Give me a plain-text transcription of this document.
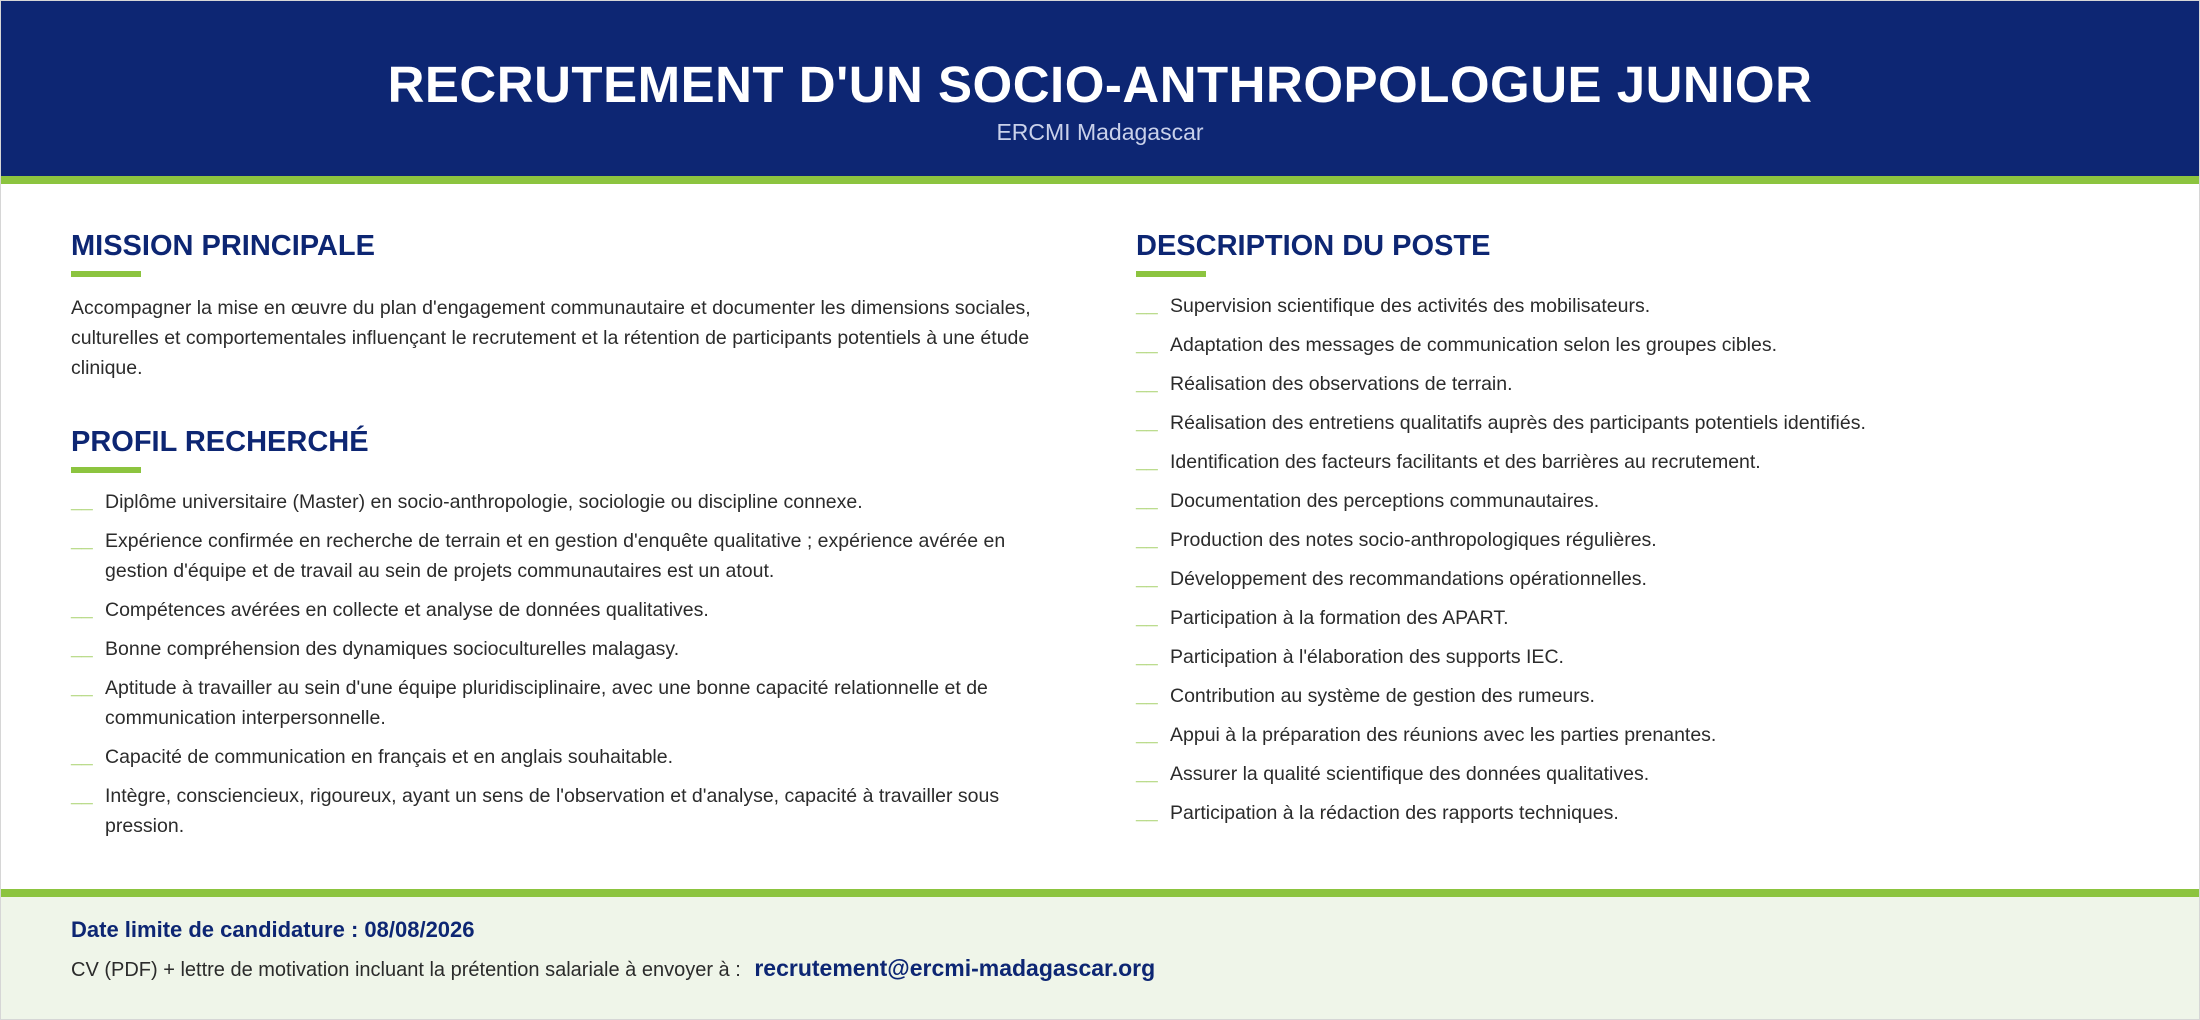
RECRUTEMENT D'UN SOCIO-ANTHROPOLOGUE JUNIOR
ERCMI Madagascar
MISSION PRINCIPALE

Accompagner la mise en œuvre du plan d'engagement communautaire et documenter les dimensions sociales, culturelles et comportementales influençant le recrutement et la rétention de participants potentiels à une étude clinique.

PROFIL RECHERCHÉ
__ Diplôme universitaire (Master) en socio-anthropologie, sociologie ou discipline connexe.
__ Expérience confirmée en recherche de terrain et en gestion d'enquête qualitative ; expérience avérée en gestion d'équipe et de travail au sein de projets communautaires est un atout.
__ Compétences avérées en collecte et analyse de données qualitatives.
__ Bonne compréhension des dynamiques socioculturelles malagasy.
__ Aptitude à travailler au sein d'une équipe pluridisciplinaire, avec une bonne capacité relationnelle et de communication interpersonnelle.
__ Capacité de communication en français et en anglais souhaitable.
__ Intègre, consciencieux, rigoureux, ayant un sens de l'observation et d'analyse, capacité à travailler sous pression.
DESCRIPTION DU POSTE
__ Supervision scientifique des activités des mobilisateurs.
__ Adaptation des messages de communication selon les groupes cibles.
__ Réalisation des observations de terrain.
__ Réalisation des entretiens qualitatifs auprès des participants potentiels identifiés.
__ Identification des facteurs facilitants et des barrières au recrutement.
__ Documentation des perceptions communautaires.
__ Production des notes socio-anthropologiques régulières.
__ Développement des recommandations opérationnelles.
__ Participation à la formation des APART.
__ Participation à l'élaboration des supports IEC.
__ Contribution au système de gestion des rumeurs.
__ Appui à la préparation des réunions avec les parties prenantes.
__ Assurer la qualité scientifique des données qualitatives.
__ Participation à la rédaction des rapports techniques.
Date limite de candidature : 08/08/2026
CV (PDF) + lettre de motivation incluant la prétention salariale à envoyer à : recrutement@ercmi-madagascar.org
